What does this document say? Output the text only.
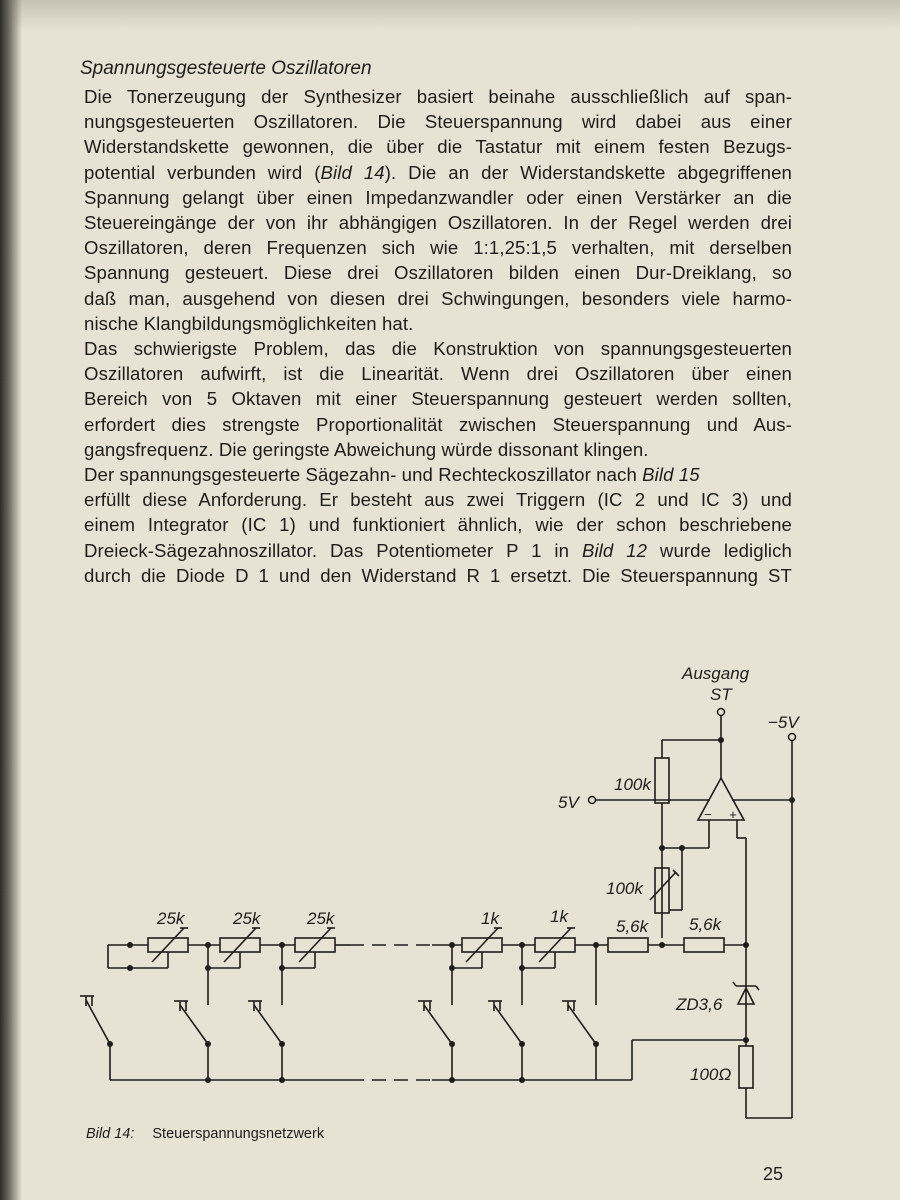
Spannungsgesteuerte Oszillatoren
Die Tonerzeugung der Synthesizer basiert beinahe ausschließlich auf span-
nungsgesteuerten Oszillatoren. Die Steuerspannung wird dabei aus einer
Widerstandskette gewonnen, die über die Tastatur mit einem festen Bezugs-
potential verbunden wird (Bild 14). Die an der Widerstandskette abgegriffenen
Spannung gelangt über einen Impedanzwandler oder einen Verstärker an die
Steuereingänge der von ihr abhängigen Oszillatoren. In der Regel werden drei
Oszillatoren, deren Frequenzen sich wie 1:1,25:1,5 verhalten, mit derselben
Spannung gesteuert. Diese drei Oszillatoren bilden einen Dur-Dreiklang, so
daß man, ausgehend von diesen drei Schwingungen, besonders viele harmo-
nische Klangbildungsmöglichkeiten hat.
Das schwierigste Problem, das die Konstruktion von spannungsgesteuerten
Oszillatoren aufwirft, ist die Linearität. Wenn drei Oszillatoren über einen
Bereich von 5 Oktaven mit einer Steuerspannung gesteuert werden sollten,
erfordert dies strengste Proportionalität zwischen Steuerspannung und Aus-
gangsfrequenz. Die geringste Abweichung würde dissonant klingen.
Der spannungsgesteuerte Sägezahn- und Rechteckoszillator nach Bild 15
erfüllt diese Anforderung. Er besteht aus zwei Triggern (IC 2 und IC 3) und
einem Integrator (IC 1) und funktioniert ähnlich, wie der schon beschriebene
Dreieck-Sägezahnoszillator. Das Potentiometer P 1 in Bild 12 wurde lediglich
durch die Diode D 1 und den Widerstand R 1 ersetzt. Die Steuerspannung ST
Ausgang
ST
−5V
5V
100k
100k
25k	25k	25k	1k	1k
5,6k 5,6k
ZD3,6
100Ω
− +
Bild 14: Steuerspannungsnetzwerk
25
